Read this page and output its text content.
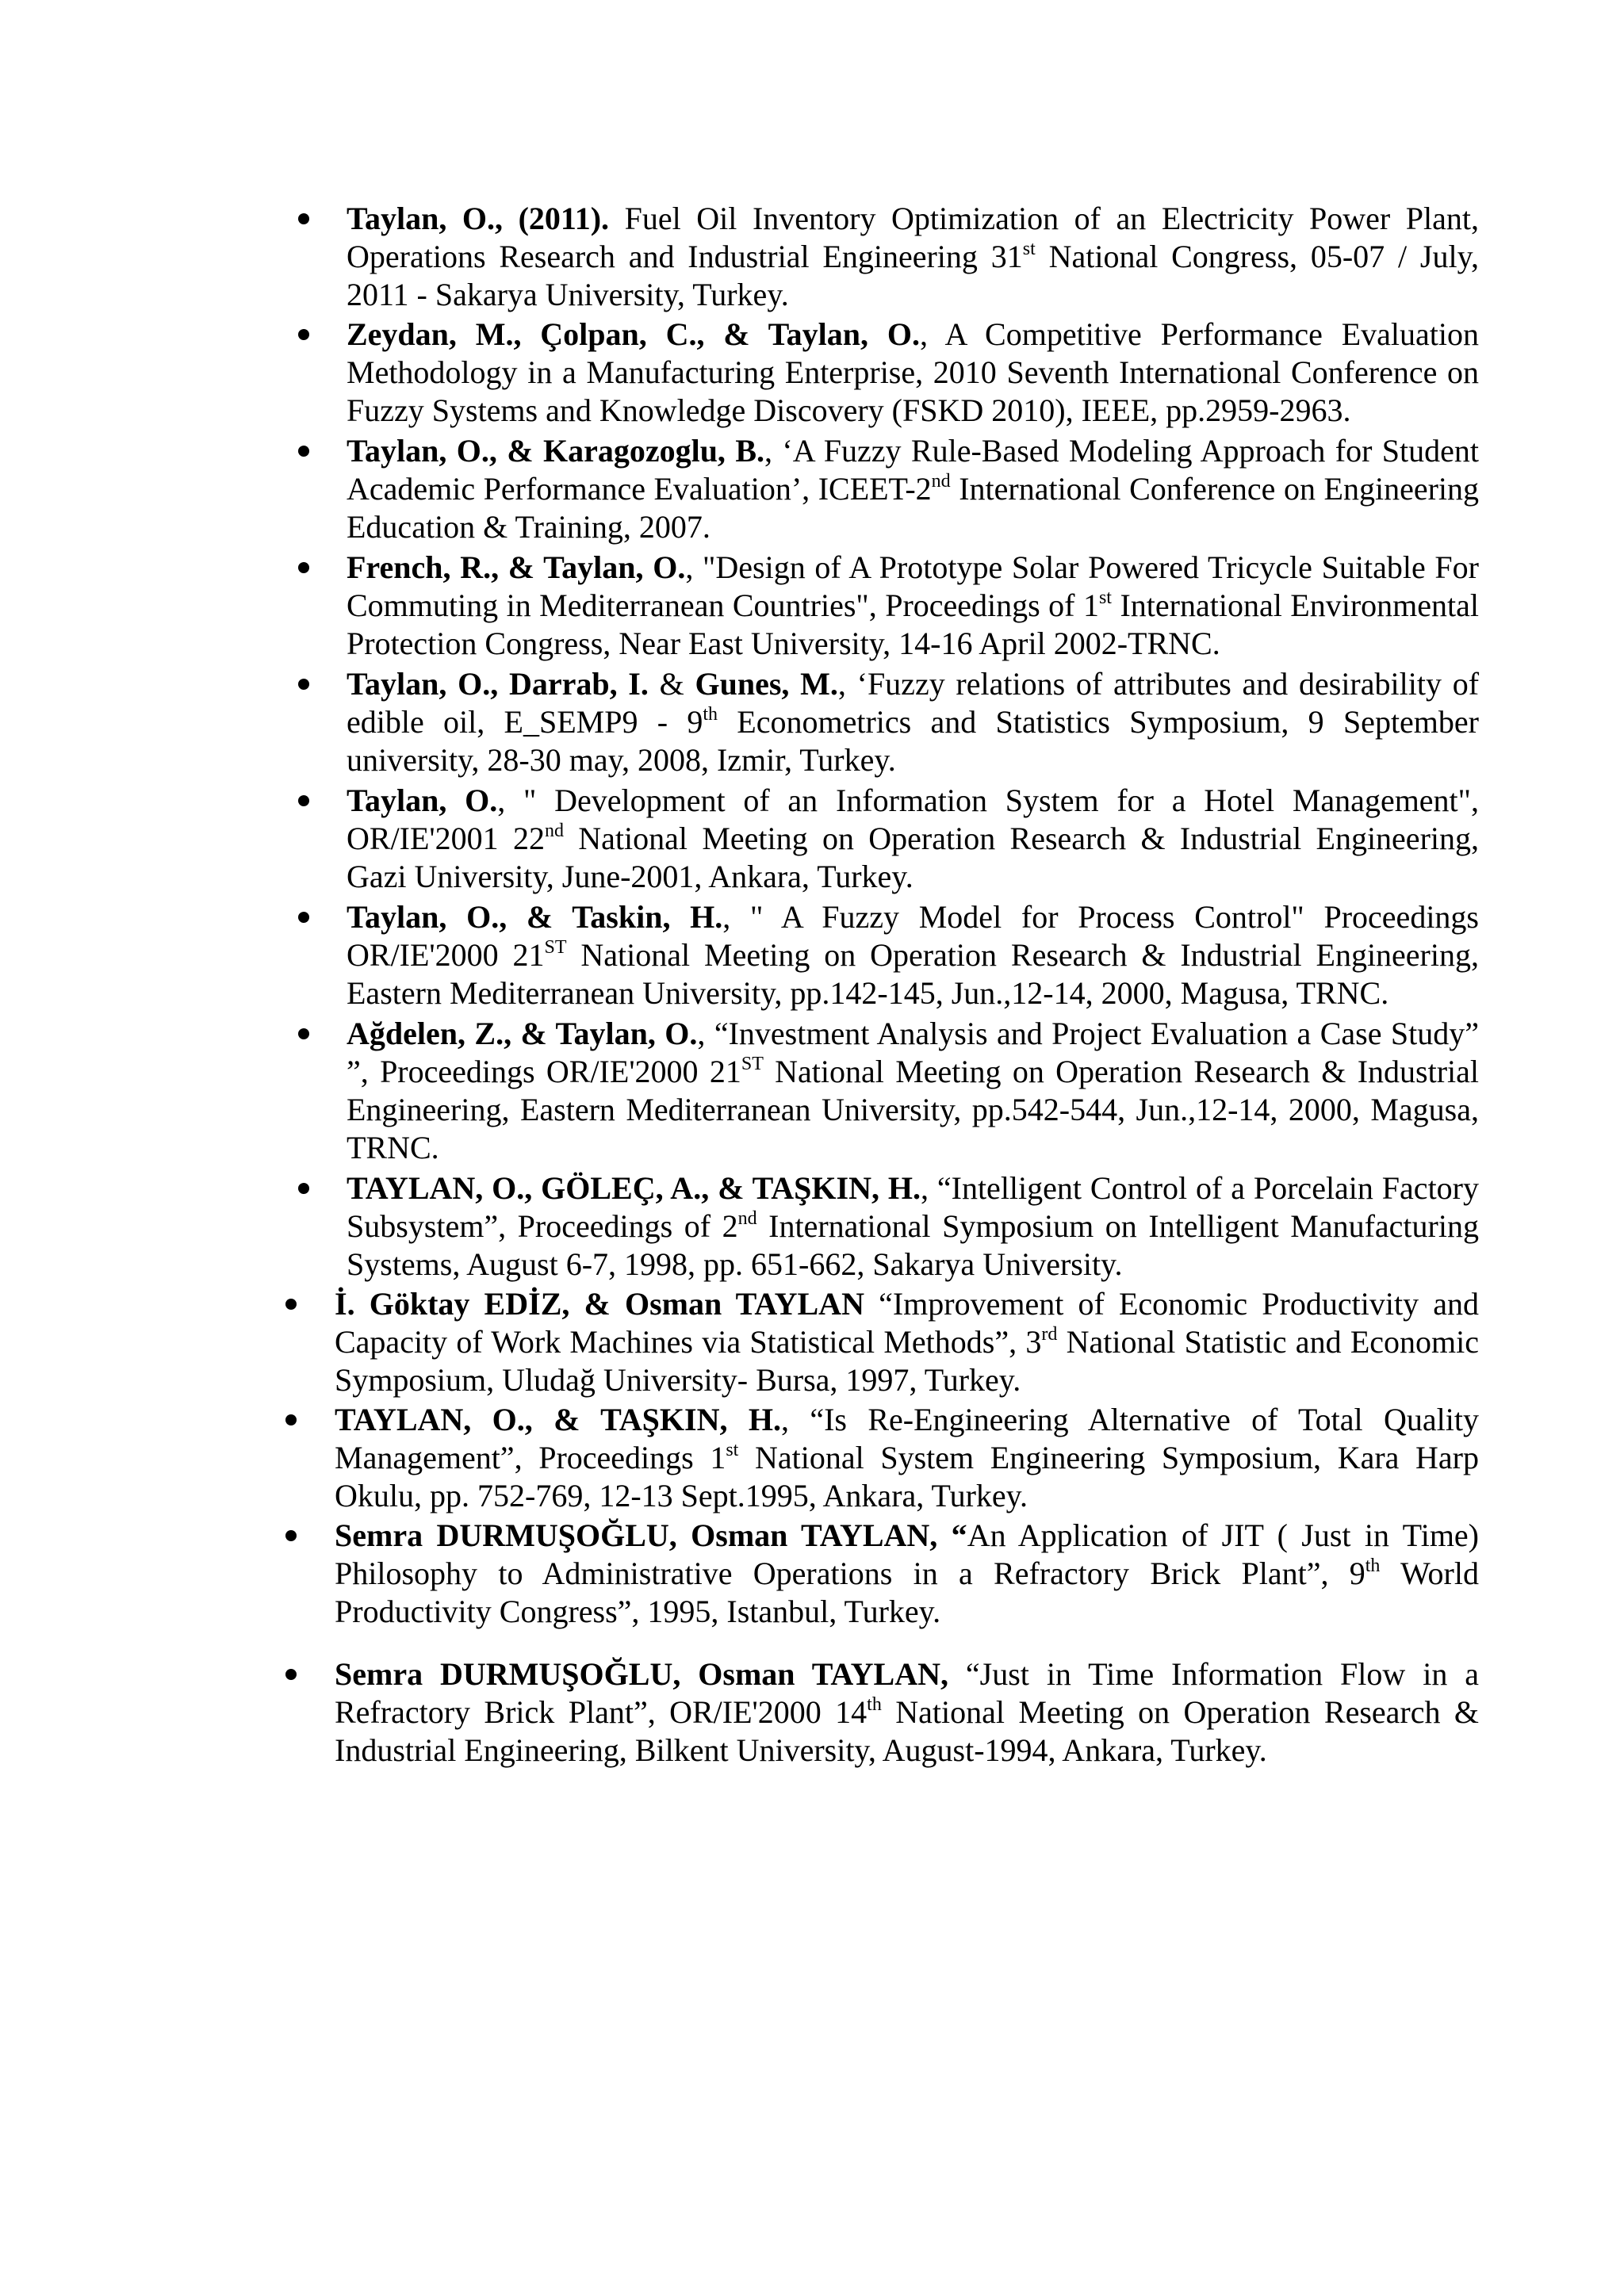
Taylan, O., (2011). Fuel Oil Inventory Optimization of an Electricity Power Plant, Operations Research and Industrial Engineering 31st National Congress, 05-07 / July, 2011 - Sakarya University, Turkey.
Zeydan, M., Çolpan, C., & Taylan, O., A Competitive Performance Evaluation Methodology in a Manufacturing Enterprise, 2010 Seventh International Conference on Fuzzy Systems and Knowledge Discovery (FSKD 2010), IEEE, pp.2959-2963.
Taylan, O., & Karagozoglu, B., ‘A Fuzzy Rule-Based Modeling Approach for Student Academic Performance Evaluation’, ICEET-2nd International Conference on Engineering Education & Training, 2007.
French, R., & Taylan, O., "Design of A Prototype Solar Powered Tricycle Suitable For Commuting in Mediterranean Countries", Proceedings of 1st International Environmental Protection Congress, Near East University, 14-16 April 2002-TRNC.
Taylan, O., Darrab, I. & Gunes, M., ‘Fuzzy relations of attributes and desirability of edible oil, E_SEMP9 - 9th Econometrics and Statistics Symposium, 9 September university, 28-30 may, 2008, Izmir, Turkey.
Taylan, O., " Development of an Information System for a Hotel Management", OR/IE'2001 22nd National Meeting on Operation Research & Industrial Engineering, Gazi University, June-2001, Ankara, Turkey.
Taylan, O., & Taskin, H., " A Fuzzy Model for Process Control" Proceedings OR/IE'2000 21ST National Meeting on Operation Research & Industrial Engineering, Eastern Mediterranean University, pp.142-145, Jun.,12-14, 2000, Magusa, TRNC.
Ağdelen, Z., & Taylan, O., “Investment Analysis and Project Evaluation a Case Study” ”, Proceedings OR/IE'2000 21ST National Meeting on Operation Research & Industrial Engineering, Eastern Mediterranean University, pp.542-544, Jun.,12-14, 2000, Magusa, TRNC.
TAYLAN, O., GÖLEÇ, A., & TAŞKIN, H., “Intelligent Control of a Porcelain Factory Subsystem”, Proceedings of 2nd International Symposium on Intelligent Manufacturing Systems, August 6-7, 1998, pp. 651-662, Sakarya University.
İ. Göktay EDİZ, & Osman TAYLAN “Improvement of Economic Productivity and Capacity of Work Machines via Statistical Methods”, 3rd National Statistic and Economic Symposium, Uludağ University- Bursa, 1997, Turkey.
TAYLAN, O., & TAŞKIN, H., “Is Re-Engineering Alternative of Total Quality Management”, Proceedings 1st National System Engineering Symposium, Kara Harp Okulu, pp. 752-769, 12-13 Sept.1995, Ankara, Turkey.
Semra DURMUŞOĞLU, Osman TAYLAN, “An Application of JIT ( Just in Time) Philosophy to Administrative Operations in a Refractory Brick Plant”, 9th World Productivity Congress”, 1995, Istanbul, Turkey.
Semra DURMUŞOĞLU, Osman TAYLAN, “Just in Time Information Flow in a Refractory Brick Plant”, OR/IE'2000 14th National Meeting on Operation Research & Industrial Engineering, Bilkent University, August-1994, Ankara, Turkey.
